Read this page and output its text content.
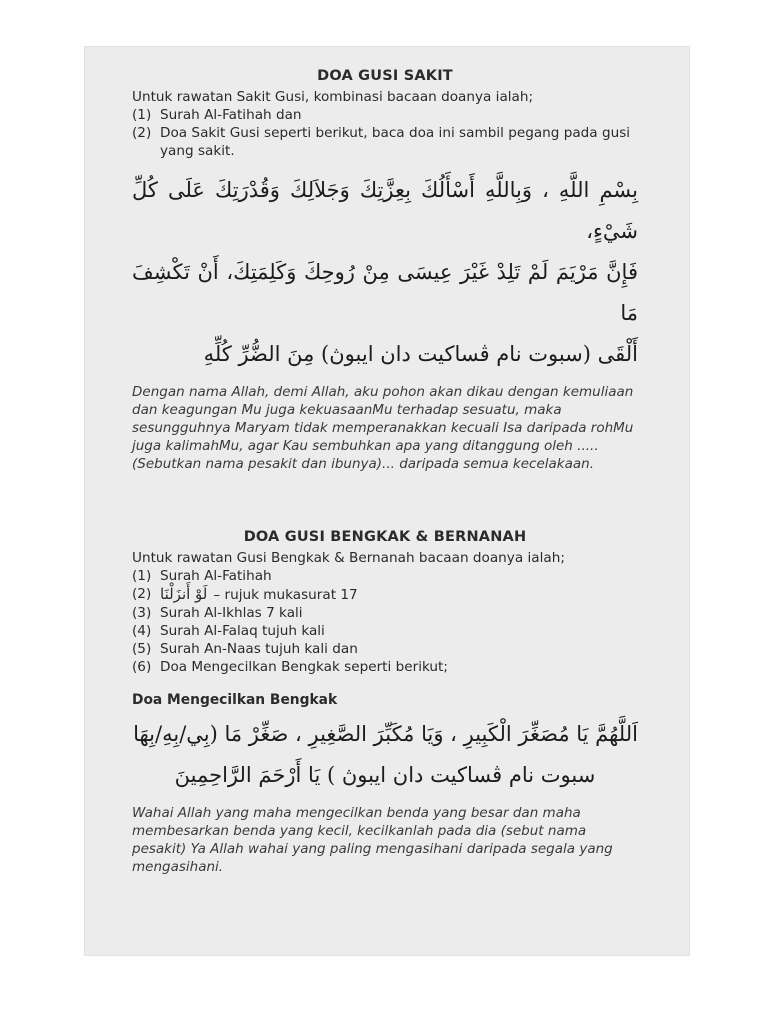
DOA GUSI SAKIT

Untuk rawatan Sakit Gusi, kombinasi bacaan doanya ialah;

(1) Surah Al-Fatihah dan
(2) Doa Sakit Gusi seperti berikut, baca doa ini sambil pegang pada gusi yang sakit.
بِسْمِ اللَّهِ ، وَبِاللَّهِ أَسْأَلُكَ بِعِزَّتِكَ وَجَلاَلِكَ وَقُدْرَتِكَ عَلَى كُلِّ شَيْءٍ،
فَإِنَّ مَرْيَمَ لَمْ تَلِدْ غَيْرَ عِيسَى مِنْ رُوحِكَ وَكَلِمَتِكَ، أَنْ تَكْشِفَ مَا
أَلْقَى (سبوت نام ڤساكيت دان ايبوڽ) مِنَ الضُّرِّ كُلِّهِ

Dengan nama Allah, demi Allah, aku pohon akan dikau dengan kemuliaan dan keagungan Mu juga kekuasaanMu terhadap sesuatu, maka sesungguhnya Maryam tidak memperanakkan kecuali Isa daripada rohMu juga kalimahMu, agar Kau sembuhkan apa yang ditanggung oleh .....(Sebutkan nama pesakit dan ibunya)... daripada semua kecelakaan.

DOA GUSI BENGKAK & BERNANAH

Untuk rawatan Gusi Bengkak & Bernanah bacaan doanya ialah;

(1) Surah Al-Fatihah
(2) لَوْ أَنزَلْنَا – rujuk mukasurat 17
(3) Surah Al-Ikhlas 7 kali
(4) Surah Al-Falaq tujuh kali
(5) Surah An-Naas tujuh kali dan
(6) Doa Mengecilkan Bengkak seperti berikut;
Doa Mengecilkan Bengkak
اَللَّهُمَّ يَا مُصَغِّرَ الْكَبِيرِ ، وَيَا مُكَبِّرَ الصَّغِيرِ ، صَغِّرْ مَا (بِي/بِهِ/بِهَا
سبوت نام ڤساكيت دان ايبوڽ ) يَا أَرْحَمَ الرَّاحِمِينَ

Wahai Allah yang maha mengecilkan benda yang besar dan maha membesarkan benda yang kecil, kecilkanlah pada dia (sebut nama pesakit) Ya Allah wahai yang paling mengasihani daripada segala yang mengasihani.
